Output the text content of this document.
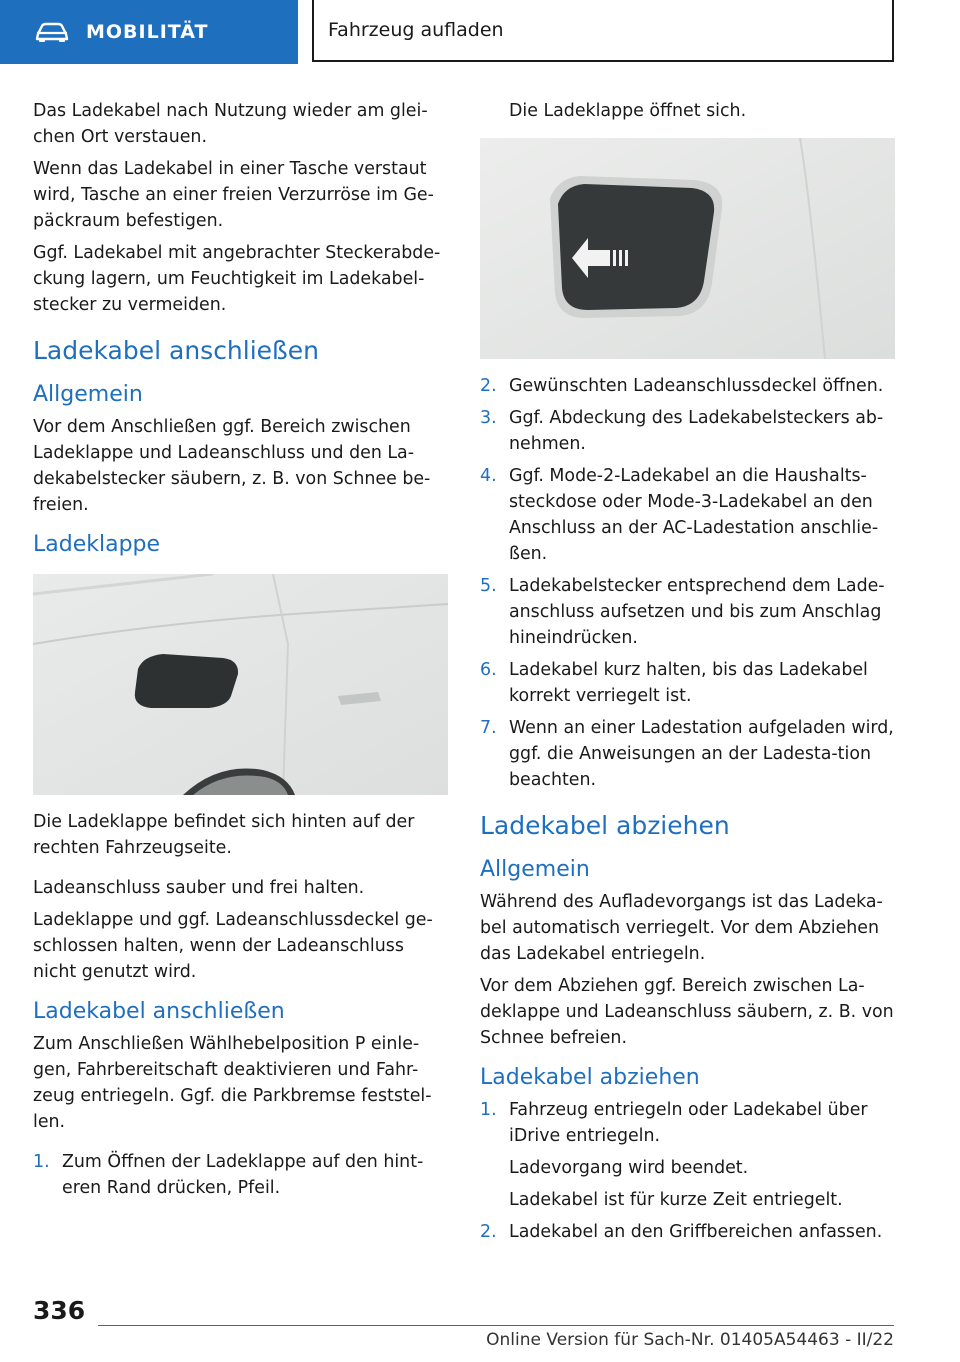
MOBILITÄT	Fahrzeug aufladen

Das Ladekabel nach Nutzung wieder am glei-chen Ort verstauen.

Wenn das Ladekabel in einer Tasche verstaut wird, Tasche an einer freien Verzurröse im Ge-päckraum befestigen.

Ggf. Ladekabel mit angebrachter Steckerabde-ckung lagern, um Feuchtigkeit im Ladekabel-stecker zu vermeiden.

Ladekabel anschließen
Allgemein

Vor dem Anschließen ggf. Bereich zwischen Ladeklappe und Ladeanschluss und den La-dekabelstecker säubern, z. B. von Schnee be-freien.

Ladeklappe

Die Ladeklappe befindet sich hinten auf der rechten Fahrzeugseite.

Ladeanschluss sauber und frei halten.

Ladeklappe und ggf. Ladeanschlussdeckel ge-schlossen halten, wenn der Ladeanschluss nicht genutzt wird.

Ladekabel anschließen

Zum Anschließen Wählhebelposition P einle-gen, Fahrbereitschaft deaktivieren und Fahr-zeug entriegeln. Ggf. die Parkbremse feststel-len.

1. Zum Öffnen der Ladeklappe auf den hint-eren Rand drücken, Pfeil.

Die Ladeklappe öffnet sich.

2. Gewünschten Ladeanschlussdeckel öffnen.
3. Ggf. Abdeckung des Ladekabelsteckers ab-nehmen.
4. Ggf. Mode-2-Ladekabel an die Haushalts-steckdose oder Mode-3-Ladekabel an den Anschluss an der AC-Ladestation anschlie-ßen.
5. Ladekabelstecker entsprechend dem Lade-anschluss aufsetzen und bis zum Anschlag hineindrücken.
6. Ladekabel kurz halten, bis das Ladekabel korrekt verriegelt ist.
7. Wenn an einer Ladestation aufgeladen wird, ggf. die Anweisungen an der Ladesta-tion beachten.
Ladekabel abziehen
Allgemein

Während des Aufladevorgangs ist das Ladeka-bel automatisch verriegelt. Vor dem Abziehen das Ladekabel entriegeln.

Vor dem Abziehen ggf. Bereich zwischen La-deklappe und Ladeanschluss säubern, z. B. von Schnee befreien.

Ladekabel abziehen
1. Fahrzeug entriegeln oder Ladekabel über iDrive entriegeln.
Ladevorgang wird beendet.
Ladekabel ist für kurze Zeit entriegelt.
2. Ladekabel an den Griffbereichen anfassen.
336
Online Version für Sach-Nr. 01405A54463 - II/22
